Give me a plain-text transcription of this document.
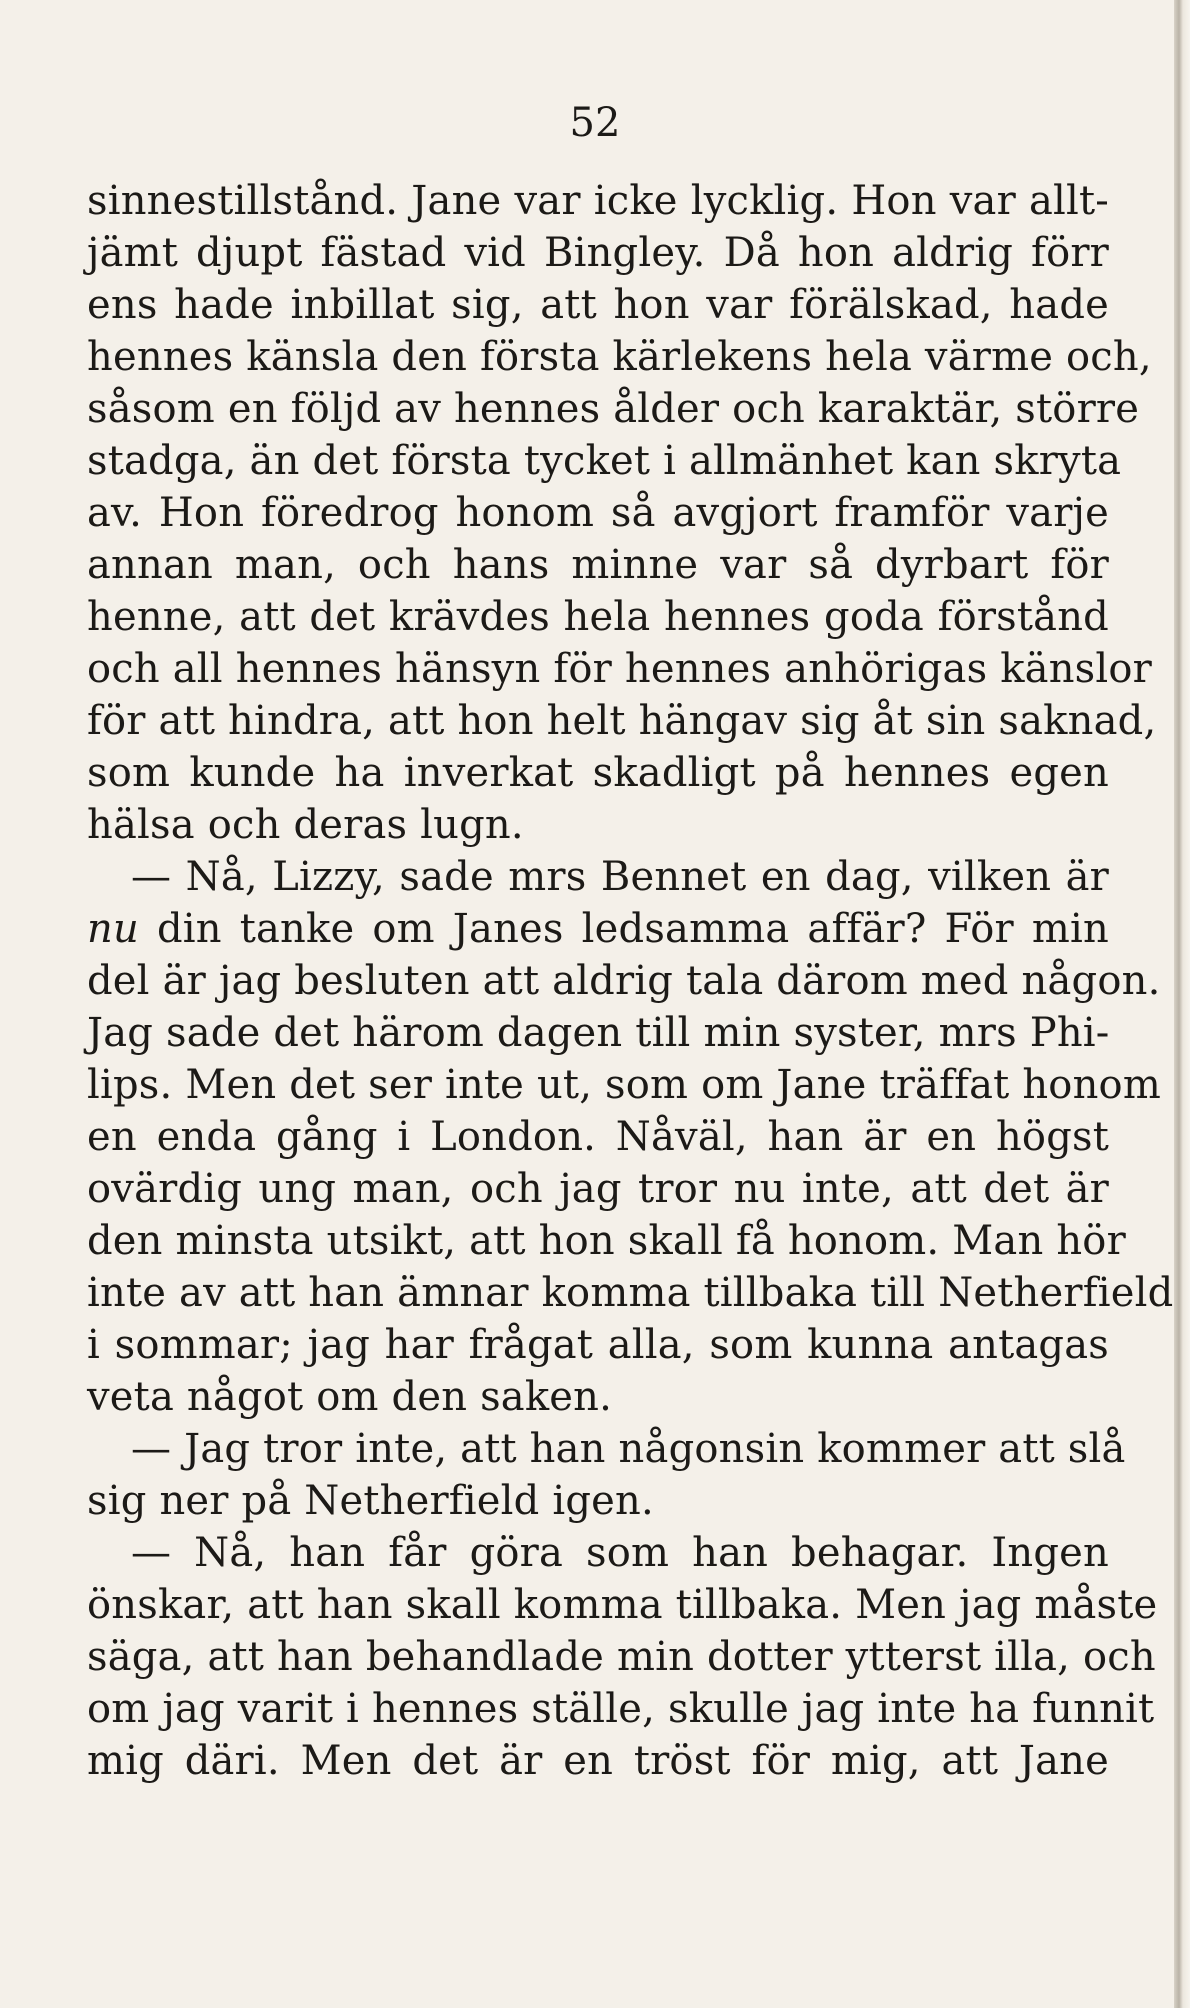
52
sinnestillstånd. Jane var icke lycklig. Hon var allt-
jämt djupt fästad vid Bingley. Då hon aldrig förr
ens hade inbillat sig, att hon var förälskad, hade
hennes känsla den första kärlekens hela värme och,
såsom en följd av hennes ålder och karaktär, större
stadga, än det första tycket i allmänhet kan skryta
av. Hon föredrog honom så avgjort framför varje
annan man, och hans minne var så dyrbart för
henne, att det krävdes hela hennes goda förstånd
och all hennes hänsyn för hennes anhörigas känslor
för att hindra, att hon helt hängav sig åt sin saknad,
som kunde ha inverkat skadligt på hennes egen
hälsa och deras lugn.
— Nå, Lizzy, sade mrs Bennet en dag, vilken är
nu din tanke om Janes ledsamma affär? För min
del är jag besluten att aldrig tala därom med någon.
Jag sade det härom dagen till min syster, mrs Phi-
lips. Men det ser inte ut, som om Jane träffat honom
en enda gång i London. Nåväl, han är en högst
ovärdig ung man, och jag tror nu inte, att det är
den minsta utsikt, att hon skall få honom. Man hör
inte av att han ämnar komma tillbaka till Netherfield
i sommar; jag har frågat alla, som kunna antagas
veta något om den saken.
— Jag tror inte, att han någonsin kommer att slå
sig ner på Netherfield igen.
— Nå, han får göra som han behagar. Ingen
önskar, att han skall komma tillbaka. Men jag måste
säga, att han behandlade min dotter ytterst illa, och
om jag varit i hennes ställe, skulle jag inte ha funnit
mig däri. Men det är en tröst för mig, att Jane
